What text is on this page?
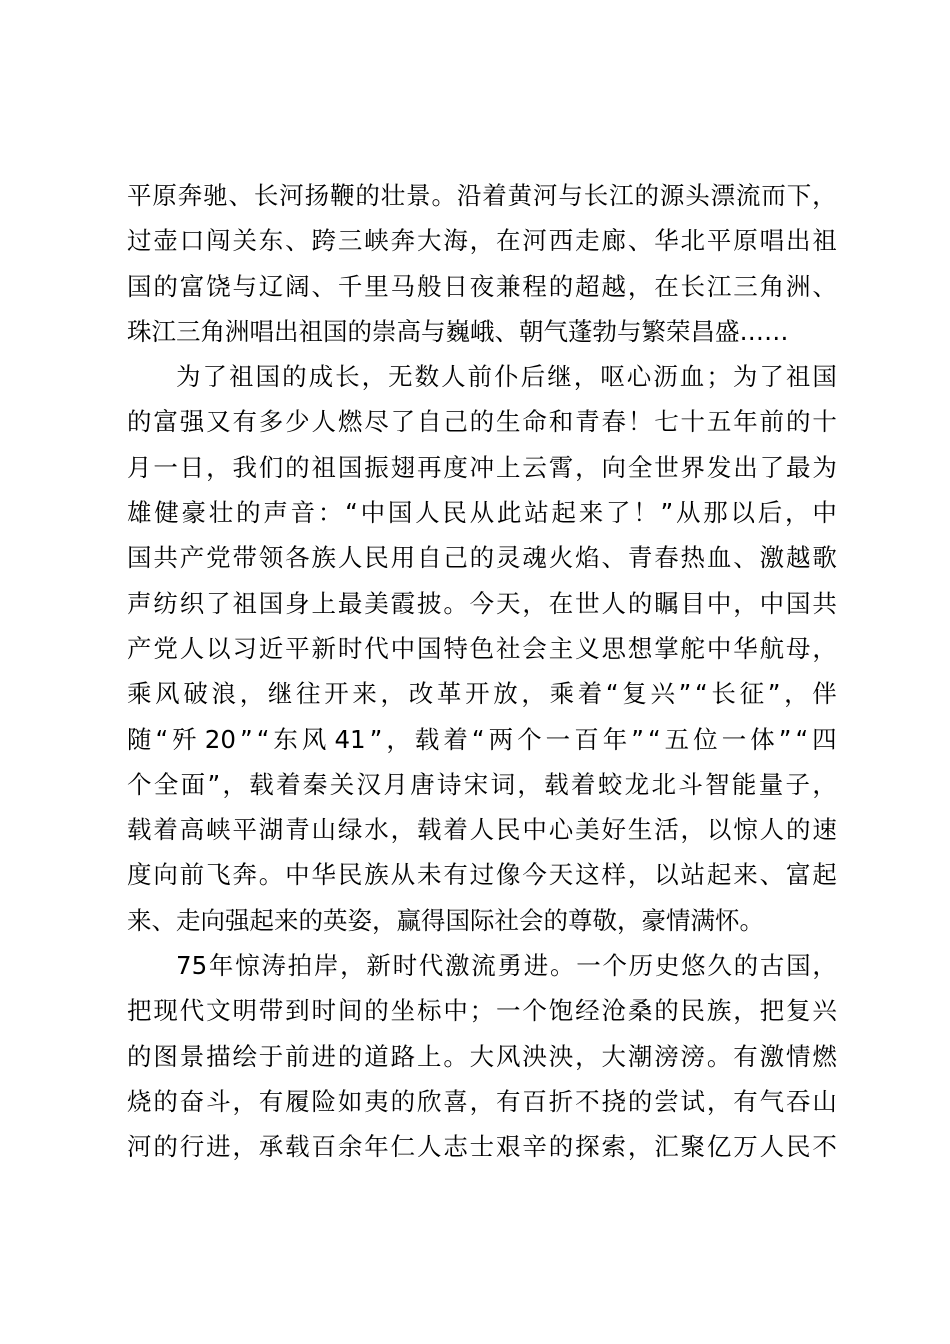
平 原 奔 驰 、 长 河 扬 鞭 的 壮 景 。 沿 着 黄 河 与 长 江 的 源 头 漂 流 而 下 ，
过 壶 口 闯 关 东 、 跨 三 峡 奔 大 海 ， 在 河 西 走 廊 、 华 北 平 原 唱 出 祖
国 的 富 饶 与 辽 阔 、 千 里 马 般 日 夜 兼 程 的 超 越 ， 在 长 江 三 角 洲 、
珠江三角洲唱出祖国的崇高与巍峨、朝气蓬勃与繁荣昌盛……
为 了 祖 国 的 成 长 ， 无 数 人 前 仆 后 继 ， 呕 心 沥 血 ； 为 了 祖 国
的 富 强 又 有 多 少 人 燃 尽 了 自 己 的 生 命 和 青 春 ！ 七 十 五 年 前 的 十
月 一 日 ， 我 们 的 祖 国 振 翅 再 度 冲 上 云 霄 ， 向 全 世 界 发 出 了 最 为
雄 健 豪 壮 的 声 音 ： “ 中 国 人 民 从 此 站 起 来 了 ！ ” 从 那 以 后 ， 中
国 共 产 党 带 领 各 族 人 民 用 自 己 的 灵 魂 火 焰 、 青 春 热 血 、 激 越 歌
声 纺 织 了 祖 国 身 上 最 美 霞 披 。 今 天 ， 在 世 人 的 瞩 目 中 ， 中 国 共
产 党 人 以 习 近 平 新 时 代 中 国 特 色 社 会 主 义 思 想 掌 舵 中 华 航 母 ，
乘 风 破 浪 ， 继 往 开 来 ， 改 革 开 放 ， 乘 着 “ 复 兴 ” “ 长 征 ” ， 伴
随 “ 歼 20 ” “ 东 风 41 ” ， 载 着 “ 两 个 一 百 年 ” “ 五 位 一 体 ” “ 四
个 全 面 ” ， 载 着 秦 关 汉 月 唐 诗 宋 词 ， 载 着 蛟 龙 北 斗 智 能 量 子 ，
载 着 高 峡 平 湖 青 山 绿 水 ， 载 着 人 民 中 心 美 好 生 活 ， 以 惊 人 的 速
度 向 前 飞 奔 。 中 华 民 族 从 未 有 过 像 今 天 这 样 ， 以 站 起 来 、 富 起
来、走向强起来的英姿，赢得国际社会的尊敬，豪情满怀。
75 年 惊 涛 拍 岸 ， 新 时 代 激 流 勇 进 。 一 个 历 史 悠 久 的 古 国 ，
把 现 代 文 明 带 到 时 间 的 坐 标 中 ； 一 个 饱 经 沧 桑 的 民 族 ， 把 复 兴
的 图 景 描 绘 于 前 进 的 道 路 上 。 大 风 泱 泱 ， 大 潮 滂 滂 。 有 激 情 燃
烧 的 奋 斗 ， 有 履 险 如 夷 的 欣 喜 ， 有 百 折 不 挠 的 尝 试 ， 有 气 吞 山
河 的 行 进 ， 承 载 百 余 年 仁 人 志 士 艰 辛 的 探 索 ， 汇 聚 亿 万 人 民 不
